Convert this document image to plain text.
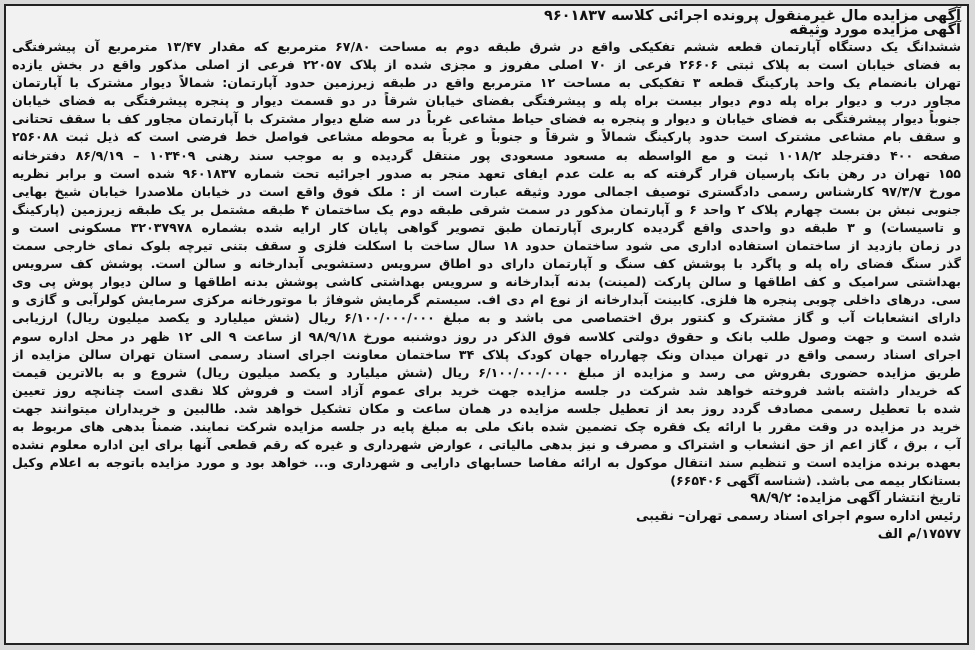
آگهی مزایده مال غیرمنقول پرونده اجرائی کلاسه ۹۶۰۱۸۳۷
آگهی مزایده مورد وثیقه
ششدانگ یک دستگاه آپارتمان قطعه ششم تفکیکی واقع در شرق طبقه دوم به مساحت ۶۷/۸۰ مترمربع که مقدار ۱۳/۴۷ مترمربع آن پیشرفتگی
به فضای خیابان است به پلاک ثبتی ۲۶۶۰۶ فرعی از ۷۰ اصلی مفروز و مجزی شده از پلاک ۲۲۰۵۷ فرعی از اصلی مذکور واقع در بخش یازده
تهران بانضمام یک واحد پارکینگ قطعه ۳ تفکیکی به مساحت ۱۲ مترمربع واقع در طبقه زیرزمین حدود آپارتمان: شمالاً دیوار مشترک با آپارتمان
مجاور درب و دیوار براه پله دوم دیوار بیست براه پله و پیشرفتگی بفضای خیابان شرقاً در دو قسمت دیوار و پنجره پیشرفتگی به فضای خیابان
جنوباً دیوار پیشرفتگی به فضای خیابان و دیوار و پنجره به فضای حیاط مشاعی غرباً در سه ضلع دیوار مشترک با آپارتمان مجاور کف با سقف تحتانی
و سقف بام مشاعی مشترک است حدود پارکینگ شمالاً و شرقاً و جنوباً و غرباً به محوطه مشاعی فواصل خط فرضی است که ذیل ثبت ۲۵۶۰۸۸
صفحه ۴۰۰ دفترجلد ۱۰۱۸/۲ ثبت و مع الواسطه به مسعود مسعودی پور منتقل گردیده و به موجب سند رهنی ۱۰۳۴۰۹ – ۸۶/۹/۱۹ دفترخانه
۱۵۵ تهران در رهن بانک پارسیان قرار گرفته که به علت عدم ایفای تعهد منجر به صدور اجرائیه تحت شماره ۹۶۰۱۸۳۷ شده است و برابر نظریه
مورخ ۹۷/۳/۷ کارشناس رسمی دادگستری توصیف اجمالی مورد وثیقه عبارت است از : ملک فوق واقع است در خیابان ملاصدرا خیابان شیخ بهایی
جنوبی نبش بن بست چهارم پلاک ۲ واحد ۶ و آپارتمان مذکور در سمت شرقی طبقه دوم یک ساختمان ۴ طبقه مشتمل بر یک طبقه زیرزمین (پارکینگ
و تاسیسات) و ۳ طبقه دو واحدی واقع گردیده کاربری آپارتمان طبق تصویر گواهی پایان کار ارایه شده بشماره ۳۲۰۳۷۹۷۸ مسکونی است و
در زمان بازدید از ساختمان استفاده اداری می شود ساختمان حدود ۱۸ سال ساخت با اسکلت فلزی و سقف بتنی تیرچه بلوک نمای خارجی سمت
گذر سنگ فضای راه پله و پاگرد با پوشش کف سنگ و آپارتمان دارای دو اطاق سرویس دستشویی آبدارخانه و سالن است. پوشش کف سرویس
بهداشتی سرامیک و کف اطاقها و سالن پارکت (لمینت) بدنه آبدارخانه و سرویس بهداشتی کاشی پوشش بدنه اطاقها و سالن دیوار پوش پی وی
سی. درهای داخلی چوبی پنجره ها فلزی. کابینت آبدارخانه از نوع ام دی اف. سیستم گرمایش شوفاژ با موتورخانه مرکزی سرمایش کولرآبی و گازی و
دارای انشعابات آب و گاز مشترک و کنتور برق اختصاصی می باشد و به مبلغ ۶/۱۰۰/۰۰۰/۰۰۰ ریال (شش میلیارد و یکصد میلیون ریال) ارزیابی
شده است و جهت وصول طلب بانک و حقوق دولتی کلاسه فوق الذکر در روز دوشنبه مورخ ۹۸/۹/۱۸ از ساعت ۹ الی ۱۲ ظهر در محل اداره سوم
اجرای اسناد رسمی واقع در تهران میدان ونک چهارراه جهان کودک پلاک ۳۴ ساختمان معاونت اجرای اسناد رسمی استان تهران سالن مزایده از
طریق مزایده حضوری بفروش می رسد و مزایده از مبلغ ۶/۱۰۰/۰۰۰/۰۰۰ ریال (شش میلیارد و یکصد میلیون ریال) شروع و به بالاترین قیمت
که خریدار داشته باشد فروخته خواهد شد شرکت در جلسه مزایده جهت خرید برای عموم آزاد است و فروش کلا نقدی است چنانچه روز تعیین
شده با تعطیل رسمی مصادف گردد روز بعد از تعطیل جلسه مزایده در همان ساعت و مکان تشکیل خواهد شد. طالبین و خریداران میتوانند جهت
خرید در مزایده در وقت مقرر با ارائه یک فقره چک تضمین شده بانک ملی به مبلغ پایه در جلسه مزایده شرکت نمایند. ضمناً بدهی های مربوط به
آب ، برق ، گاز اعم از حق انشعاب و اشتراک و مصرف و نیز بدهی مالیاتی ، عوارض شهرداری و غیره که رقم قطعی آنها برای این اداره معلوم نشده
بعهده برنده مزایده است و تنظیم سند انتقال موکول به ارائه مفاصا حسابهای دارایی و شهرداری و... خواهد بود و مورد مزایده باتوجه به اعلام وکیل
بستانکار بیمه می باشد. (شناسه آگهی ۶۶۵۴۰۶)
تاریخ انتشار آگهی مزایده: ۹۸/۹/۲
رئیس اداره سوم اجرای اسناد رسمی تهران– نقیبی
۱۷۵۷۷/م الف
